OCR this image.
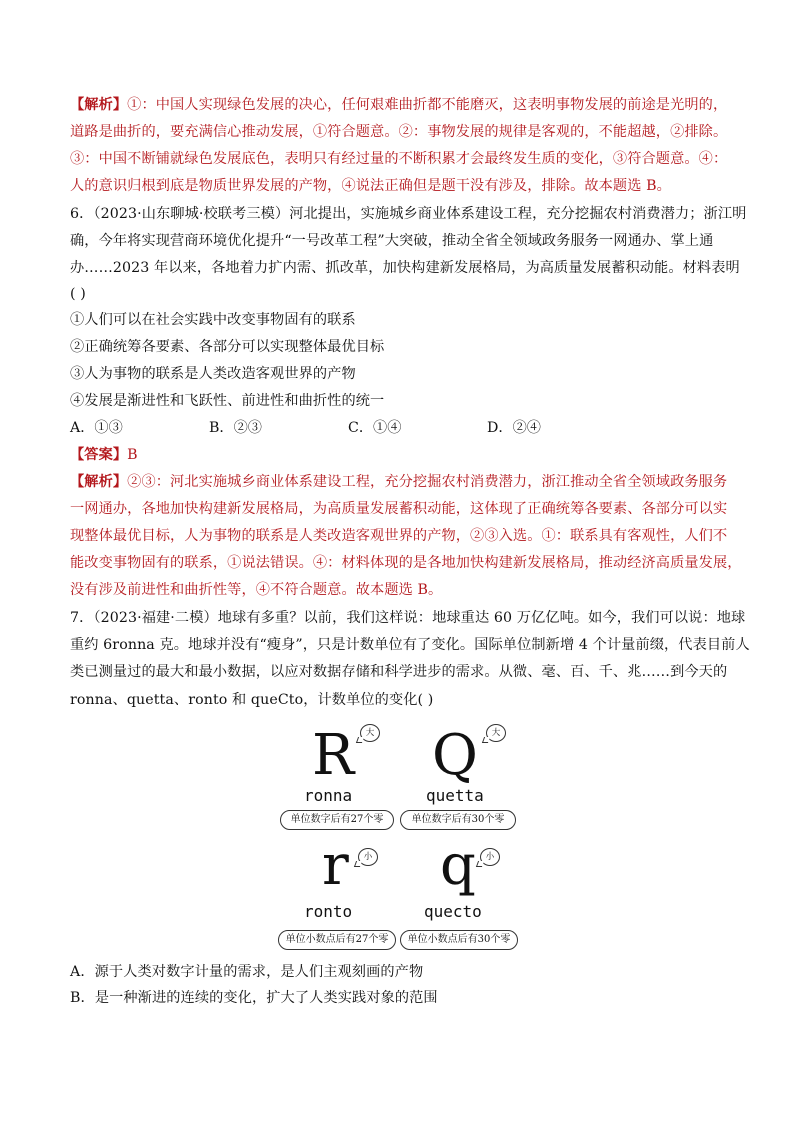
【解析】①：中国人实现绿色发展的决心，任何艰难曲折都不能磨灭，这表明事物发展的前途是光明的，
道路是曲折的，要充满信心推动发展，①符合题意。②：事物发展的规律是客观的，不能超越，②排除。
③：中国不断铺就绿色发展底色，表明只有经过量的不断积累才会最终发生质的变化，③符合题意。④：
人的意识归根到底是物质世界发展的产物，④说法正确但是题干没有涉及，排除。故本题选 B。
6．（2023·山东聊城·校联考三模）河北提出，实施城乡商业体系建设工程，充分挖掘农村消费潜力；浙江明
确，今年将实现营商环境优化提升“一号改革工程”大突破，推动全省全领域政务服务一网通办、掌上通
办……2023 年以来，各地着力扩内需、抓改革，加快构建新发展格局，为高质量发展蓄积动能。材料表明
( )
①人们可以在社会实践中改变事物固有的联系
②正确统筹各要素、各部分可以实现整体最优目标
③人为事物的联系是人类改造客观世界的产物
④发展是渐进性和飞跃性、前进性和曲折性的统一
A．①③	B．②③	C．①④	D．②④
【答案】B
【解析】②③：河北实施城乡商业体系建设工程，充分挖掘农村消费潜力，浙江推动全省全领域政务服务
一网通办，各地加快构建新发展格局，为高质量发展蓄积动能，这体现了正确统筹各要素、各部分可以实
现整体最优目标，人为事物的联系是人类改造客观世界的产物，②③入选。①：联系具有客观性，人们不
能改变事物固有的联系，①说法错误。④：材料体现的是各地加快构建新发展格局，推动经济高质量发展，
没有涉及前进性和曲折性等，④不符合题意。故本题选 B。
7．（2023·福建·二模）地球有多重？以前，我们这样说：地球重达 60 万亿亿吨。如今，我们可以说：地球
重约 6ronna 克。地球并没有“瘦身”，只是计数单位有了变化。国际单位制新增 4 个计量前缀，代表目前人
类已测量过的最大和最小数据，以应对数据存储和科学进步的需求。从微、毫、百、千、兆……到今天的
ronna、quetta、ronto 和 queCto，计数单位的变化( )
R	大
ronna
单位数字后有27个零
Q	大
quetta
单位数字后有30个零
r	小
ronto
单位小数点后有27个零
q	小
quecto
单位小数点后有30个零
A．源于人类对数字计量的需求，是人们主观刻画的产物
B．是一种渐进的连续的变化，扩大了人类实践对象的范围
